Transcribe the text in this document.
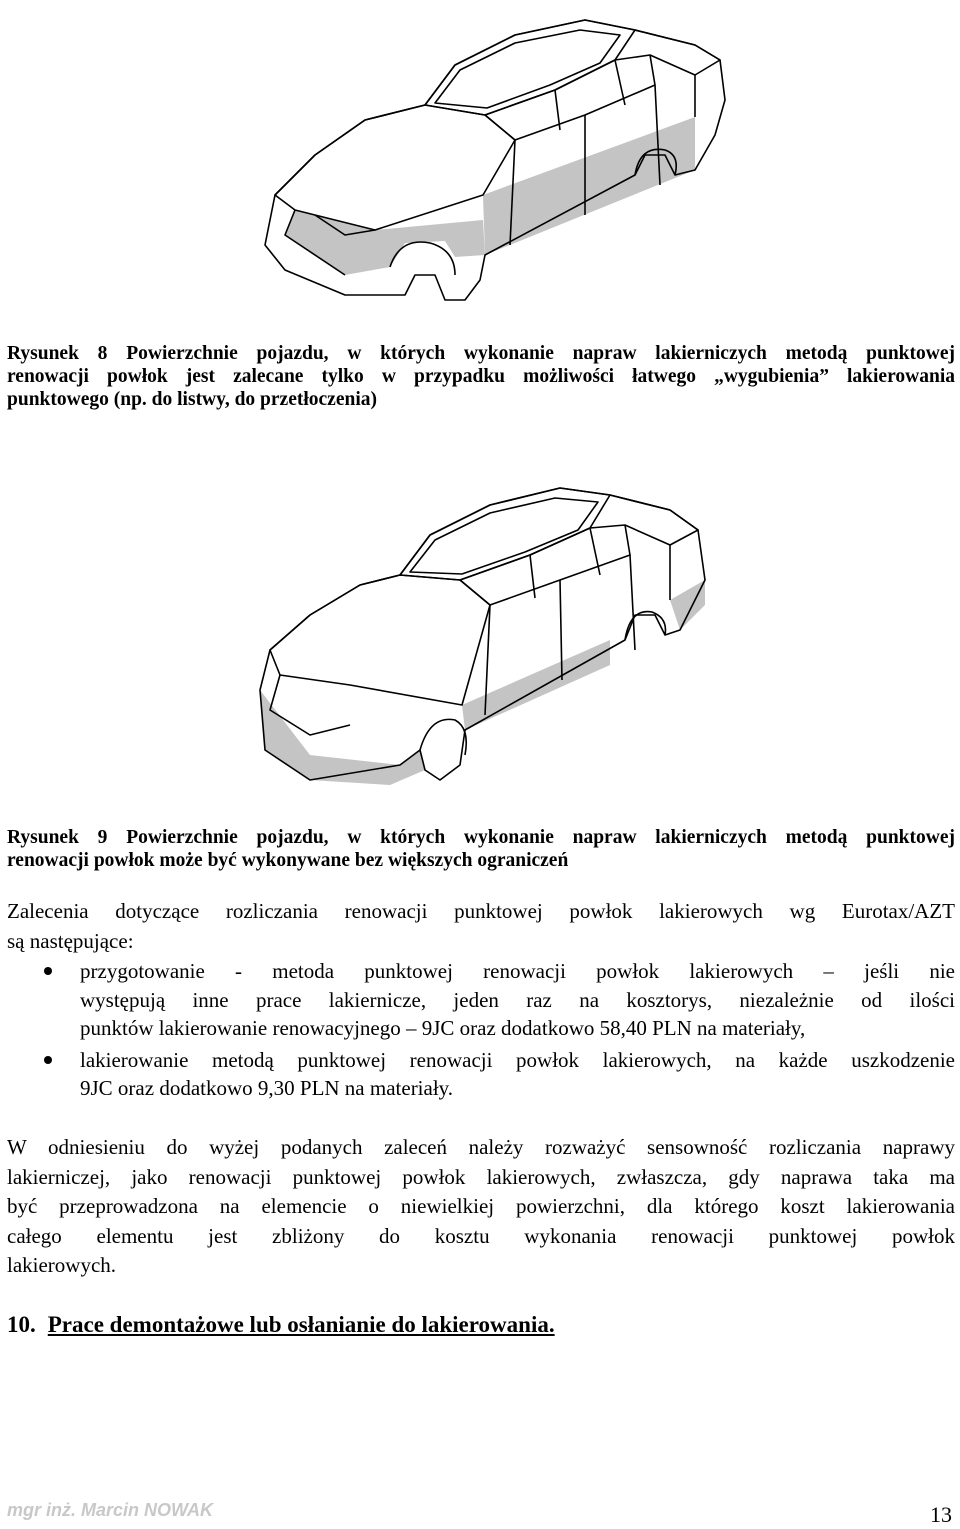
Rysunek 8 Powierzchnie pojazdu, w których wykonanie napraw lakierniczych metodą punktowej
renowacji powłok jest zalecane tylko w przypadku możliwości łatwego „wygubienia” lakierowania
punktowego (np. do listwy, do przetłoczenia)
Rysunek 9 Powierzchnie pojazdu, w których wykonanie napraw lakierniczych metodą punktowej
renowacji powłok może być wykonywane bez większych ograniczeń
Zalecenia dotyczące rozliczania renowacji punktowej powłok lakierowych wg Eurotax/AZT
są następujące:
przygotowanie - metoda punktowej renowacji powłok lakierowych – jeśli nie
występują inne prace lakiernicze, jeden raz na kosztorys, niezależnie od ilości
punktów lakierowanie renowacyjnego – 9JC oraz dodatkowo 58,40 PLN na materiały,
lakierowanie metodą punktowej renowacji powłok lakierowych, na każde uszkodzenie
9JC oraz dodatkowo 9,30 PLN na materiały.
W odniesieniu do wyżej podanych zaleceń należy rozważyć sensowność rozliczania naprawy
lakierniczej, jako renowacji punktowej powłok lakierowych, zwłaszcza, gdy naprawa taka ma
być przeprowadzona na elemencie o niewielkiej powierzchni, dla którego koszt lakierowania
całego elementu jest zbliżony do kosztu wykonania renowacji punktowej powłok
lakierowych.
10. Prace demontażowe lub osłanianie do lakierowania.
mgr inż. Marcin NOWAK	13
